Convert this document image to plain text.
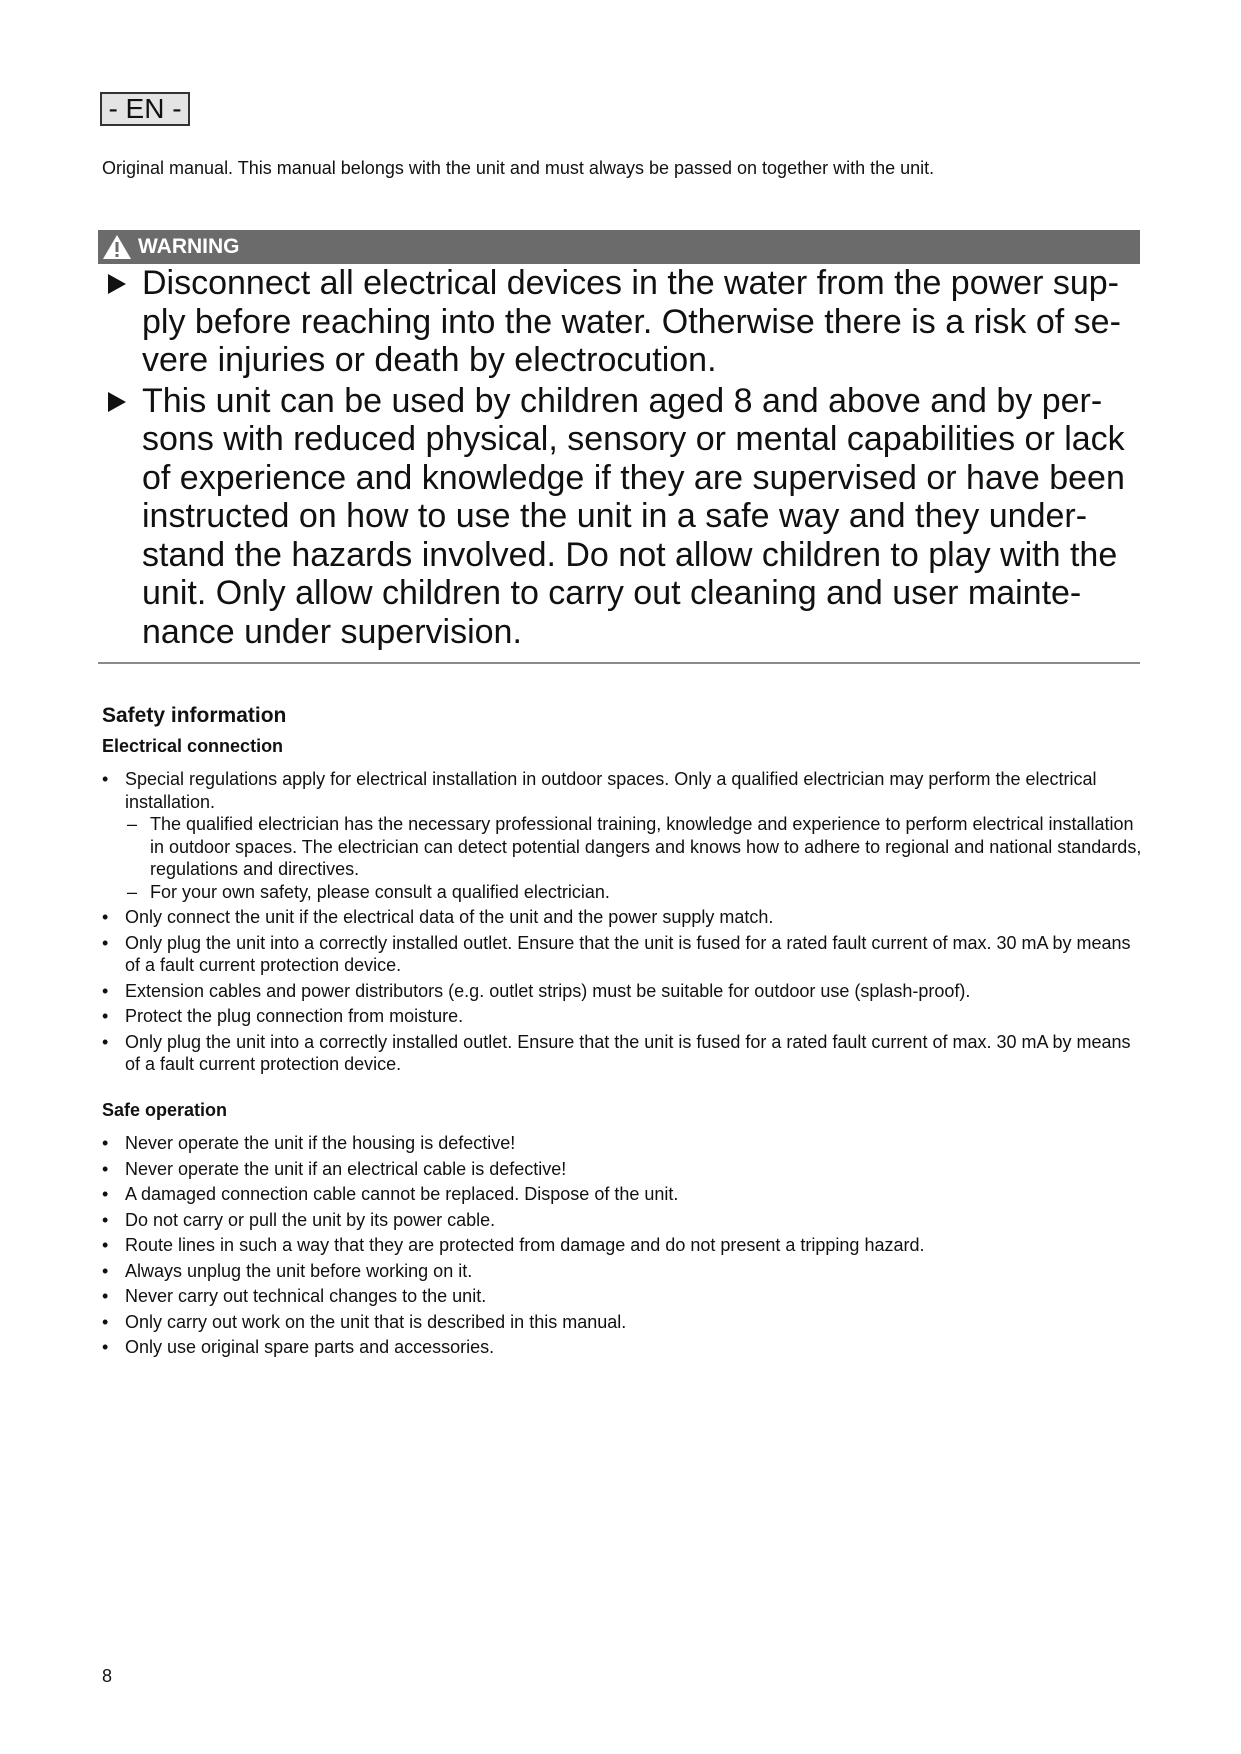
- EN -
Original manual. This manual belongs with the unit and must always be passed on together with the unit.
WARNING
Disconnect all electrical devices in the water from the power sup-ply before reaching into the water. Otherwise there is a risk of se-vere injuries or death by electrocution.
This unit can be used by children aged 8 and above and by per-sons with reduced physical, sensory or mental capabilities or lack of experience and knowledge if they are supervised or have been instructed on how to use the unit in a safe way and they under-stand the hazards involved. Do not allow children to play with the unit. Only allow children to carry out cleaning and user mainte-nance under supervision.
Safety information
Electrical connection
• Special regulations apply for electrical installation in outdoor spaces. Only a qualified electrician may perform the electrical installation.
– The qualified electrician has the necessary professional training, knowledge and experience to perform electrical installation in outdoor spaces. The electrician can detect potential dangers and knows how to adhere to regional and national standards, regulations and directives.
– For your own safety, please consult a qualified electrician.
• Only connect the unit if the electrical data of the unit and the power supply match.
• Only plug the unit into a correctly installed outlet. Ensure that the unit is fused for a rated fault current of max. 30 mA by means of a fault current protection device.
• Extension cables and power distributors (e.g. outlet strips) must be suitable for outdoor use (splash-proof).
• Protect the plug connection from moisture.
• Only plug the unit into a correctly installed outlet. Ensure that the unit is fused for a rated fault current of max. 30 mA by means of a fault current protection device.
Safe operation
• Never operate the unit if the housing is defective!
• Never operate the unit if an electrical cable is defective!
• A damaged connection cable cannot be replaced. Dispose of the unit.
• Do not carry or pull the unit by its power cable.
• Route lines in such a way that they are protected from damage and do not present a tripping hazard.
• Always unplug the unit before working on it.
• Never carry out technical changes to the unit.
• Only carry out work on the unit that is described in this manual.
• Only use original spare parts and accessories.
8
